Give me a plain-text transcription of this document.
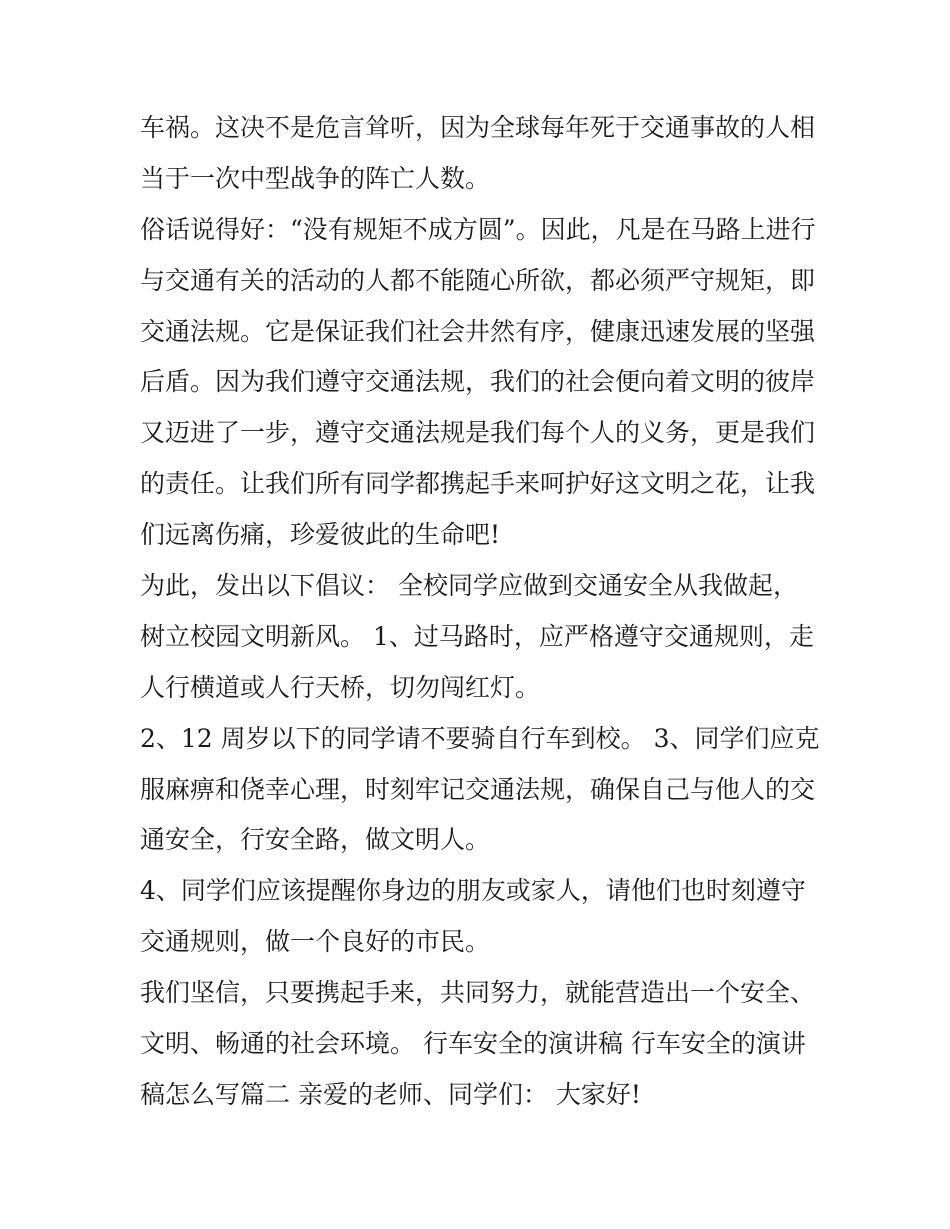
车祸。这决不是危言耸听，因为全球每年死于交通事故的人相
当于一次中型战争的阵亡人数。
俗话说得好：“没有规矩不成方圆”。因此，凡是在马路上进行
与交通有关的活动的人都不能随心所欲，都必须严守规矩，即
交通法规。它是保证我们社会井然有序，健康迅速发展的坚强
后盾。因为我们遵守交通法规，我们的社会便向着文明的彼岸
又迈进了一步，遵守交通法规是我们每个人的义务，更是我们
的责任。让我们所有同学都携起手来呵护好这文明之花，让我
们远离伤痛，珍爱彼此的生命吧!
为此，发出以下倡议： 全校同学应做到交通安全从我做起，
树立校园文明新风。 1、过马路时，应严格遵守交通规则，走
人行横道或人行天桥，切勿闯红灯。
2、12 周岁以下的同学请不要骑自行车到校。 3、同学们应克
服麻痹和侥幸心理，时刻牢记交通法规，确保自己与他人的交
通安全，行安全路，做文明人。
4、同学们应该提醒你身边的朋友或家人，请他们也时刻遵守
交通规则，做一个良好的市民。
我们坚信，只要携起手来，共同努力，就能营造出一个安全、
文明、畅通的社会环境。 行车安全的演讲稿 行车安全的演讲
稿怎么写篇二 亲爱的老师、同学们： 大家好!
